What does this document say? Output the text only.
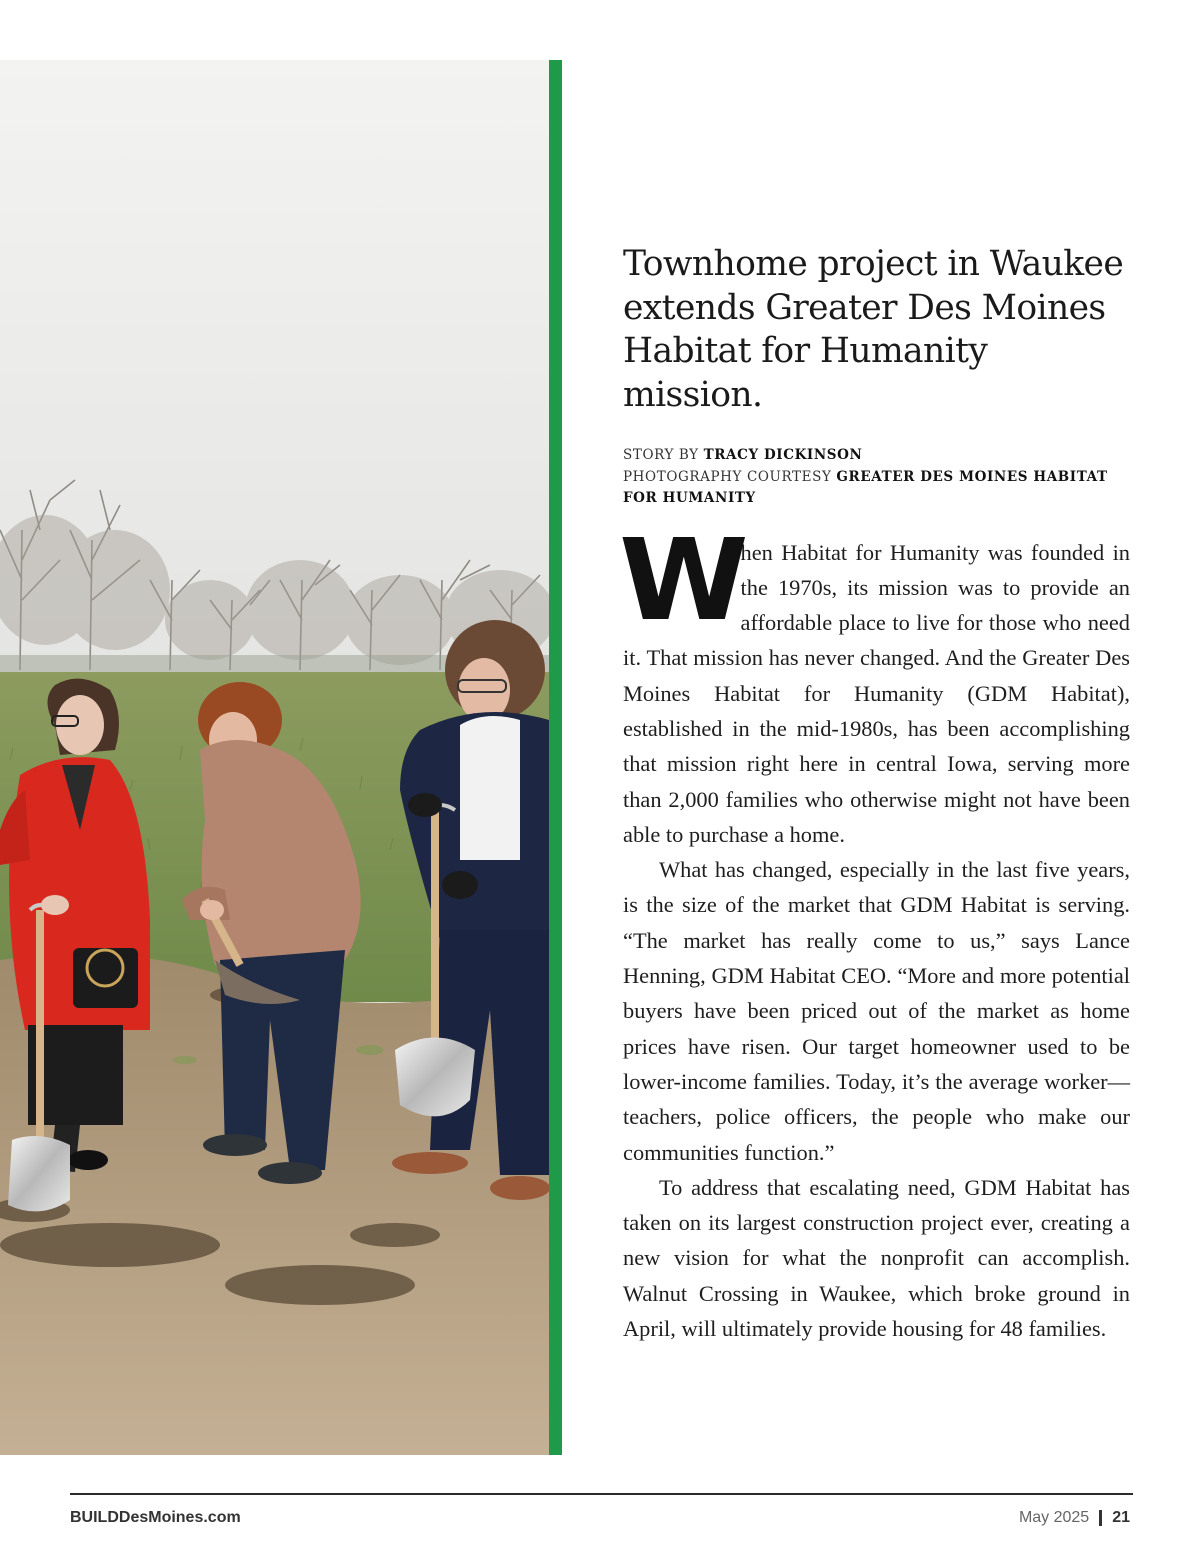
Townhome project in Waukee extends Greater Des Moines Habitat for Humanity mission.
STORY BY TRACY DICKINSON
PHOTOGRAPHY COURTESY GREATER DES MOINES HABITAT FOR HUMANITY

When Habitat for Humanity was founded in the 1970s, its mission was to provide an affordable place to live for those who need it. That mission has never changed. And the Greater Des Moines Habitat for Humanity (GDM Habitat), established in the mid-1980s, has been accomplishing that mission right here in central Iowa, serving more than 2,000 families who otherwise might not have been able to purchase a home.

What has changed, especially in the last five years, is the size of the market that GDM Habitat is serving. “The market has really come to us,” says Lance Henning, GDM Habitat CEO. “More and more potential buyers have been priced out of the market as home prices have risen. Our target homeowner used to be lower-income families. Today, it’s the average worker—teachers, police officers, the people who make our communities function.”

To address that escalating need, GDM Habitat has taken on its largest construction project ever, creating a new vision for what the nonprofit can accomplish. Walnut Crossing in Waukee, which broke ground in April, will ultimately provide housing for 48 families.

BUILDDesMoines.com	May 2025 21
